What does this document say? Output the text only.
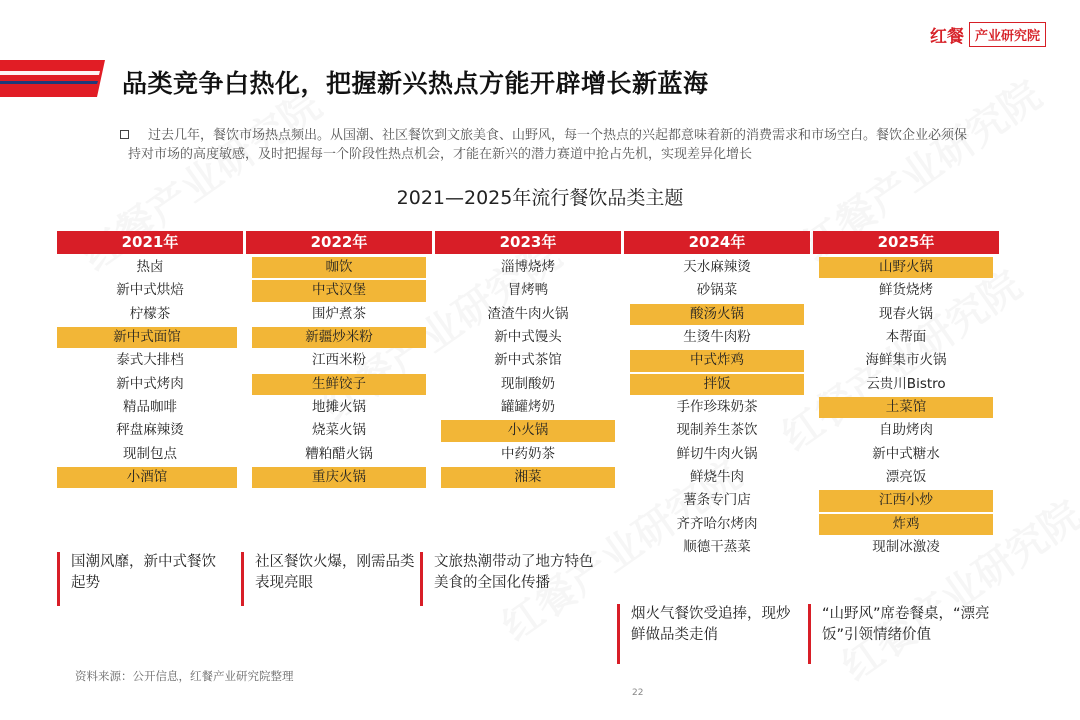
红餐 产业研究院
品类竞争白热化，把握新兴热点方能开辟增长新蓝海

过去几年，餐饮市场热点频出。从国潮、社区餐饮到文旅美食、山野风，每一个热点的兴起都意味着新的消费需求和市场空白。餐饮企业必须保持对市场的高度敏感，及时把握每一个阶段性热点机会，才能在新兴的潜力赛道中抢占先机，实现差异化增长

2021—2025年流行餐饮品类主题
2021年
热卤
新中式烘焙
柠檬茶
新中式面馆
泰式大排档
新中式烤肉
精品咖啡
秤盘麻辣烫
现制包点
小酒馆
2022年
咖饮
中式汉堡
围炉煮茶
新疆炒米粉
江西米粉
生鲜饺子
地摊火锅
烧菜火锅
糟粕醋火锅
重庆火锅
2023年
淄博烧烤
冒烤鸭
渣渣牛肉火锅
新中式馒头
新中式茶馆
现制酸奶
罐罐烤奶
小火锅
中药奶茶
湘菜
2024年
天水麻辣烫
砂锅菜
酸汤火锅
生烫牛肉粉
中式炸鸡
拌饭
手作珍珠奶茶
现制养生茶饮
鲜切牛肉火锅
鲜烧牛肉
薯条专门店
齐齐哈尔烤肉
顺德干蒸菜
2025年
山野火锅
鲜货烧烤
现春火锅
本帮面
海鲜集市火锅
云贵川Bistro
土菜馆
自助烤肉
新中式糖水
漂亮饭
江西小炒
炸鸡
现制冰激凌
国潮风靡，新中式餐饮起势
社区餐饮火爆，刚需品类表现亮眼
文旅热潮带动了地方特色美食的全国化传播
烟火气餐饮受追捧，现炒鲜做品类走俏
“山野风”席卷餐桌，“漂亮饭”引领情绪价值
资料来源：公开信息，红餐产业研究院整理
22
